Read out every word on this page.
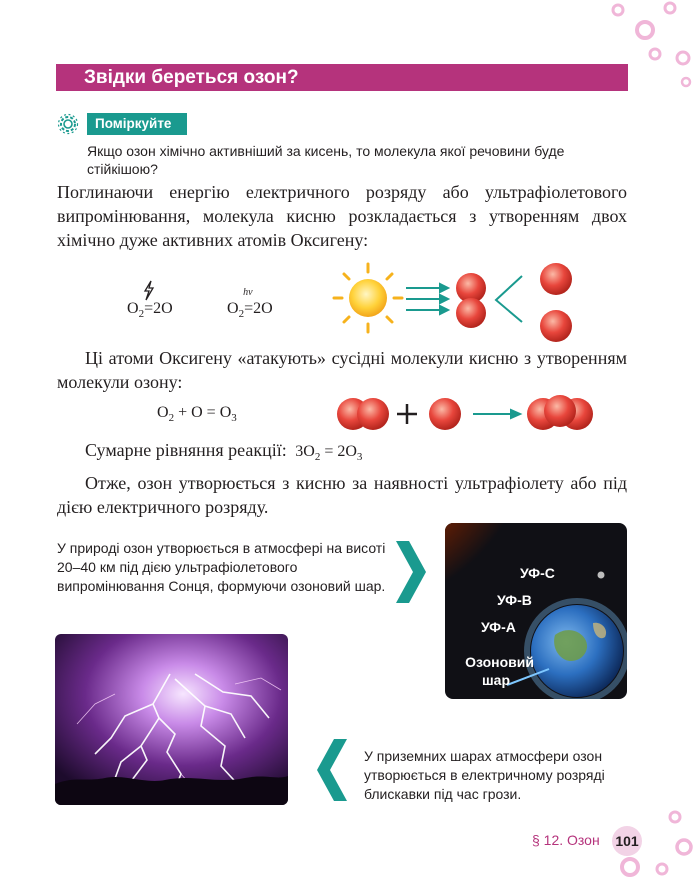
Звідки береться озон?
Поміркуйте
Якщо озон хімічно активніший за кисень, то молекула якої речовини буде стійкішою?
Поглинаючи енергію електричного розряду або ультрафіолетового випромінювання, молекула кисню розкладається з утворенням двох хімічно дуже активних атомів Оксигену:
$O_2=$
2O	$O_2=$
hν
2O
Ці атоми Оксигену «атакують» сусідні молекули кисню з утворенням молекули озону:
$O_2 + O = O_3$
Сумарне рівняння реакції: $3O_2 = 2O_3$
Отже, озон утворюється з кисню за наявності ультрафіолету або під дією електричного розряду.
У природі озон утворюється в атмосфері на висоті 20–40 км під дією ультрафіолетового випромінювання Сонця, формуючи озоновий шар.
УФ-С
УФ-В
УФ-А
Озоновий
шар
У приземних шарах атмосфери озон утворюється в електричному розряді блискавки під час грози.
§ 12. Озон 101
